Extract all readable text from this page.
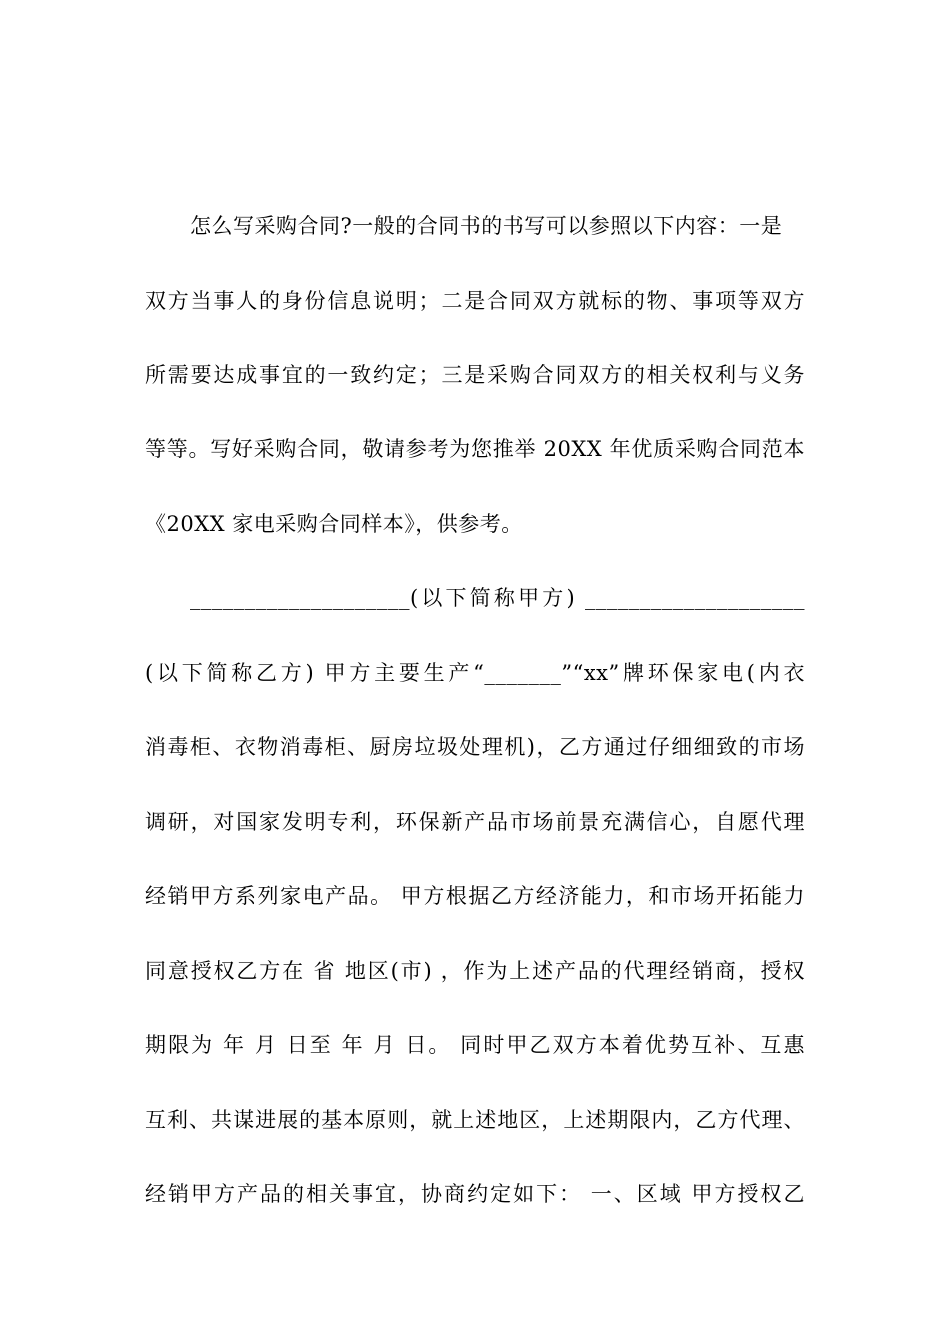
怎么写采购合同?一般的合同书的书写可以参照以下内容：一是
双方当事人的身份信息说明；二是合同双方就标的物、事项等双方
所需要达成事宜的一致约定；三是采购合同双方的相关权利与义务
等等。写好采购合同，敬请参考为您推举 20XX 年优质采购合同范本
《20XX 家电采购合同样本》，供参考。
____________________(以下简称甲方) ____________________
(以下简称乙方) 甲方主要生产“_______”“xx”牌环保家电(内衣
消毒柜、衣物消毒柜、厨房垃圾处理机)，乙方通过仔细细致的市场
调研，对国家发明专利，环保新产品市场前景充满信心，自愿代理
经销甲方系列家电产品。 甲方根据乙方经济能力，和市场开拓能力
同意授权乙方在 省 地区(市) ，作为上述产品的代理经销商，授权
期限为 年 月 日至 年 月 日。 同时甲乙双方本着优势互补、互惠
互利、共谋进展的基本原则，就上述地区，上述期限内，乙方代理、
经销甲方产品的相关事宜，协商约定如下： 一、区域 甲方授权乙
